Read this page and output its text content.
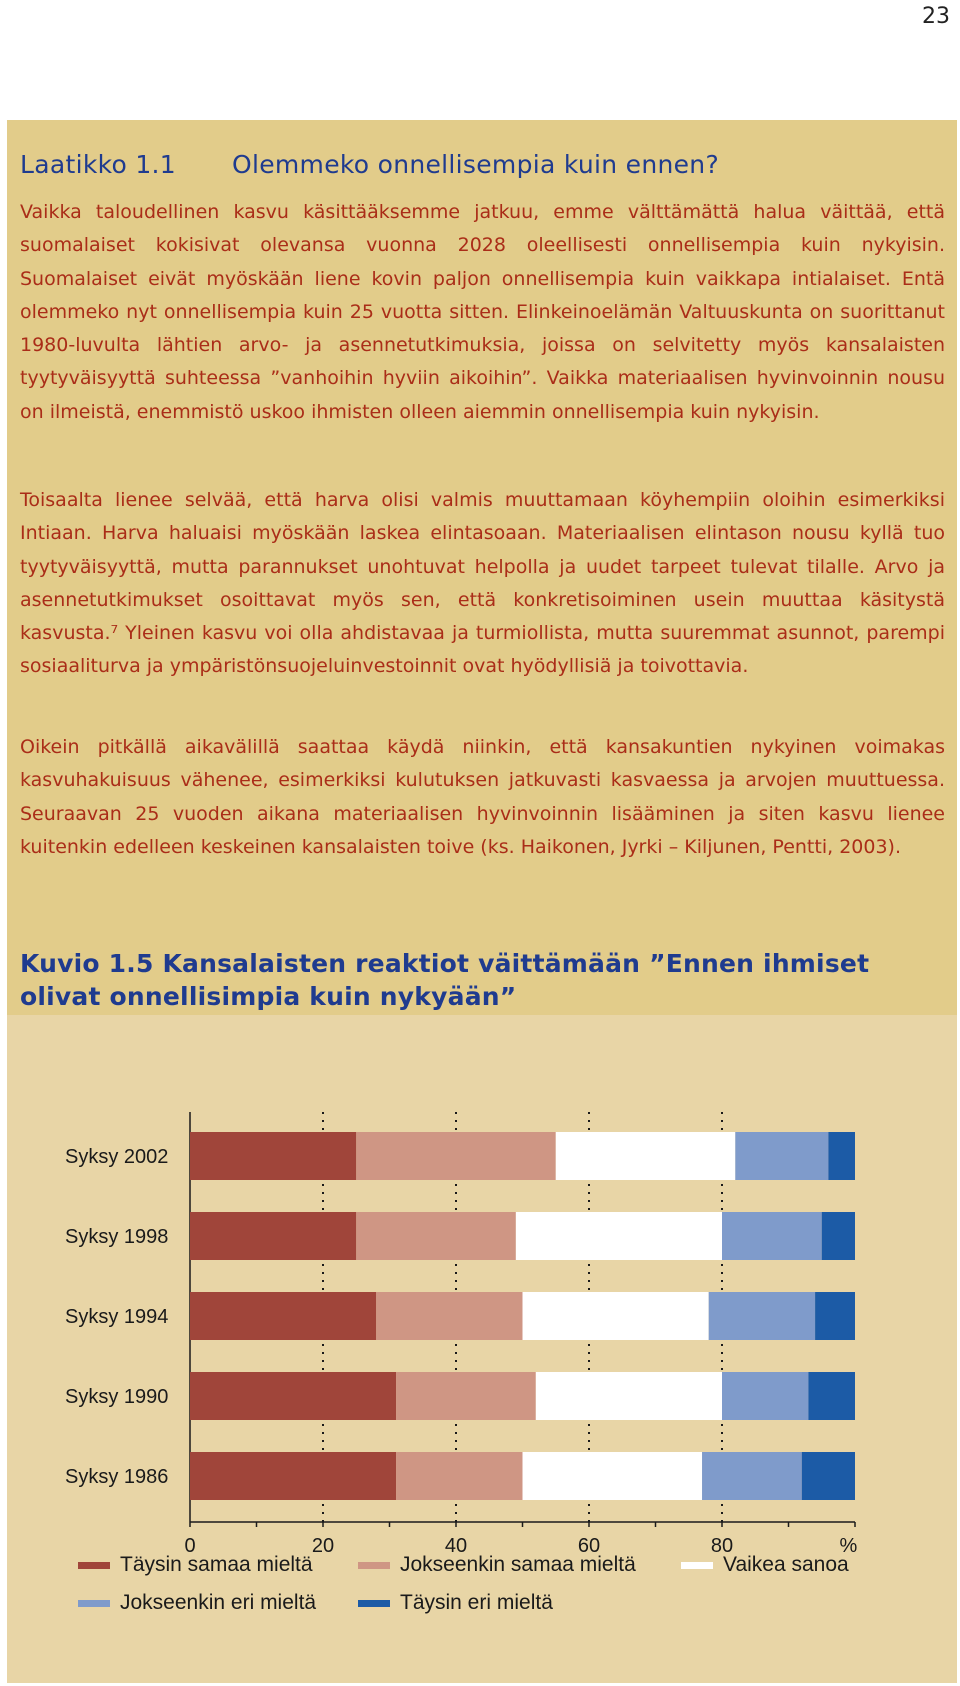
23
Laatikko 1.1 Olemmeko onnellisempia kuin ennen?

Vaikka taloudellinen kasvu käsittääksemme jatkuu, emme välttämättä halua väittää, että suomalaiset kokisivat olevansa vuonna 2028 oleellisesti onnellisempia kuin nykyisin. Suomalaiset eivät myöskään liene kovin paljon onnellisempia kuin vaikkapa intialaiset. Entä olemmeko nyt onnellisempia kuin 25 vuotta sitten. Elinkeinoelämän Valtuuskunta on suorittanut 1980-luvulta lähtien arvo- ja asennetutkimuksia, joissa on selvitetty myös kansalaisten tyytyväisyyttä suhteessa ”vanhoihin hyviin aikoihin”. Vaikka materiaalisen hyvinvoinnin nousu on ilmeistä, enemmistö uskoo ihmisten olleen aiemmin onnellisempia kuin nykyisin.

Toisaalta lienee selvää, että harva olisi valmis muuttamaan köyhempiin oloihin esimerkiksi Intiaan. Harva haluaisi myöskään laskea elintasoaan. Materiaalisen elintason nousu kyllä tuo tyytyväisyyttä, mutta parannukset unohtuvat helpolla ja uudet tarpeet tulevat tilalle. Arvo ja asennetutkimukset osoittavat myös sen, että konkretisoiminen usein muuttaa käsitystä kasvusta.⁷ Yleinen kasvu voi olla ahdistavaa ja turmiollista, mutta suuremmat asunnot, parempi sosiaaliturva ja ympäristönsuojeluinvestoinnit ovat hyödyllisiä ja toivottavia.

Oikein pitkällä aikavälillä saattaa käydä niinkin, että kansakuntien nykyinen voimakas kasvuhakuisuus vähenee, esimerkiksi kulutuksen jatkuvasti kasvaessa ja arvojen muuttuessa. Seuraavan 25 vuoden aikana materiaalisen hyvinvoinnin lisääminen ja siten kasvu lienee kuitenkin edelleen keskeinen kansalaisten toive (ks. Haikonen, Jyrki – Kiljunen, Pentti, 2003).

Kuvio 1.5 Kansalaisten reaktiot väittämään ”Ennen ihmiset olivat onnellisimpia kuin nykyään”

Syksy 2002
Syksy 1998
Syksy 1994
Syksy 1990
Syksy 1986
0	20	40	60	80	%
Täysin samaa mieltä	Jokseenkin samaa mieltä	Vaikea sanoa
Jokseenkin eri mieltä	Täysin eri mieltä
